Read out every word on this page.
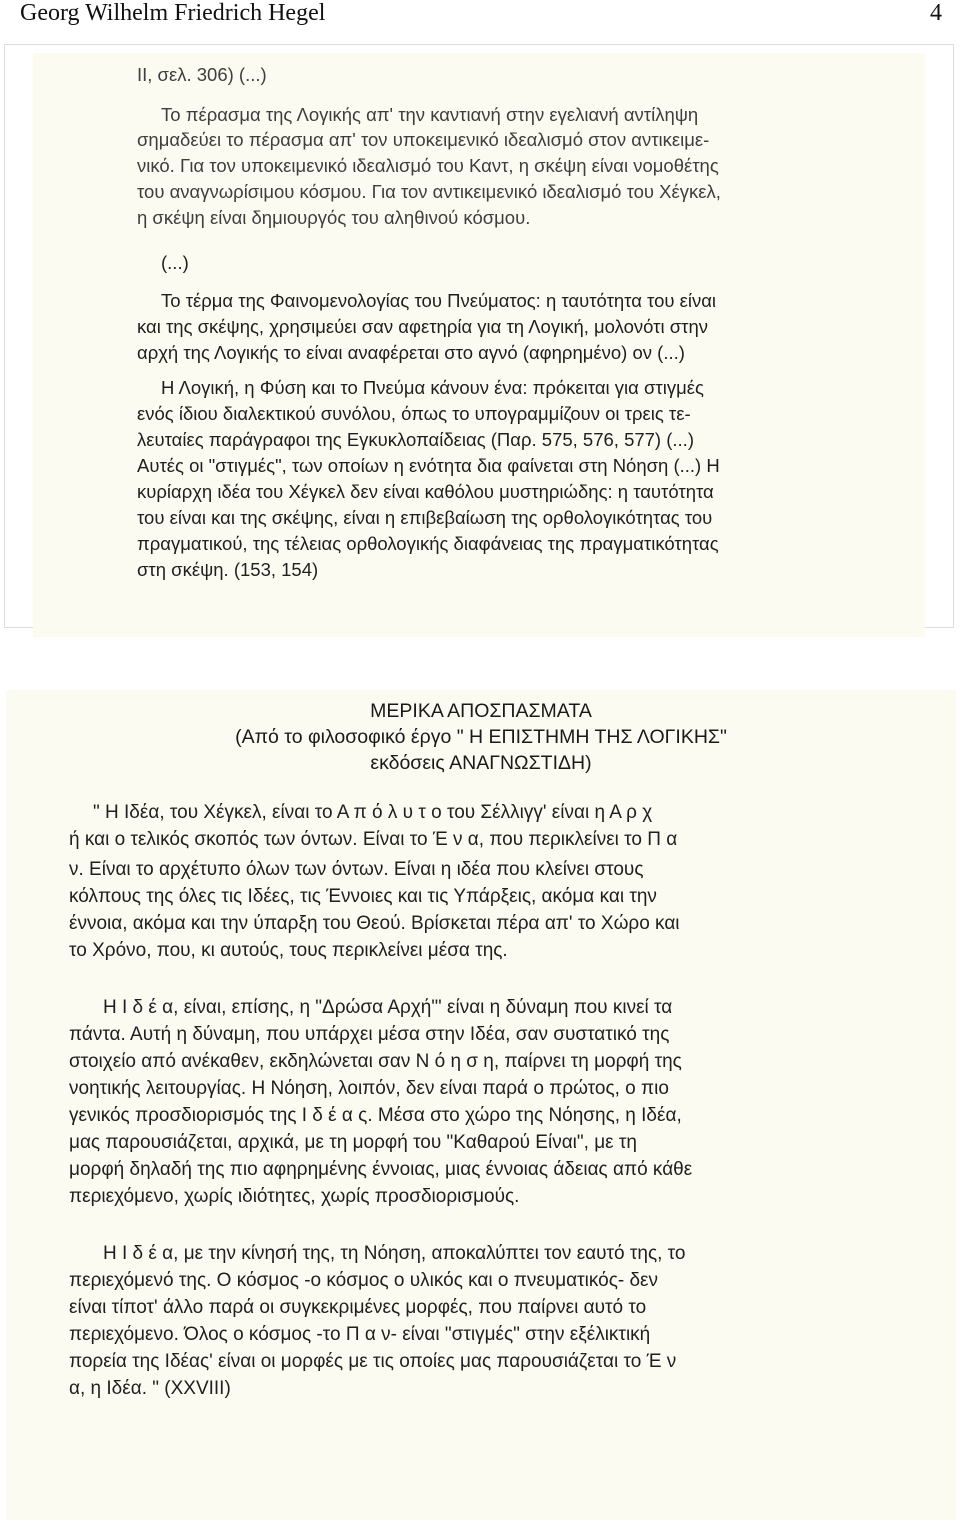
Georg Wilhelm Friedrich Hegel	4
ΙΙ, σελ. 306) (...)
Το πέρασμα της Λογικής απ' την καντιανή στην εγελιανή αντίληψη
σημαδεύει το πέρασμα απ' τον υποκειμενικό ιδεαλισμό στον αντικειμε-
νικό. Για τον υποκειμενικό ιδεαλισμό του Καντ, η σκέψη είναι νομοθέτης
του αναγνωρίσιμου κόσμου. Για τον αντικειμενικό ιδεαλισμό του Χέγκελ,
η σκέψη είναι δημιουργός του αληθινού κόσμου.
(...)
Το τέρμα της Φαινομενολογίας του Πνεύματος: η ταυτότητα του είναι
και της σκέψης, χρησιμεύει σαν αφετηρία για τη Λογική, μολονότι στην
αρχή της Λογικής το είναι αναφέρεται στο αγνό (αφηρημένο) ον (...)
Η Λογική, η Φύση και το Πνεύμα κάνουν ένα: πρόκειται για στιγμές
ενός ίδιου διαλεκτικού συνόλου, όπως το υπογραμμίζουν οι τρεις τε-
λευταίες παράγραφοι της Εγκυκλοπαίδειας (Παρ. 575, 576, 577) (...)
Αυτές οι "στιγμές", των οποίων η ενότητα δια φαίνεται στη Νόηση (...) Η
κυρίαρχη ιδέα του Χέγκελ δεν είναι καθόλου μυστηριώδης: η ταυτότητα
του είναι και της σκέψης, είναι η επιβεβαίωση της ορθολογικότητας του
πραγματικού, της τέλειας ορθολογικής διαφάνειας της πραγματικότητας
στη σκέψη. (153, 154)
ΜΕΡΙΚΑ ΑΠΟΣΠΑΣΜΑΤΑ
(Από το φιλοσοφικό έργο " Η ΕΠΙΣΤΗΜΗ ΤΗΣ ΛΟΓΙΚΗΣ"
εκδόσεις ΑΝΑΓΝΩΣΤΙΔΗ)
" Η Ιδέα, του Χέγκελ, είναι το Α π ό λ υ τ ο του Σέλλιγγ' είναι η Α ρ χ
ή και ο τελικός σκοπός των όντων. Είναι το Έ ν α, που περικλείνει το Π α
ν. Είναι το αρχέτυπο όλων των όντων. Είναι η ιδέα που κλείνει στους
κόλπους της όλες τις Ιδέες, τις Έννοιες και τις Υπάρξεις, ακόμα και την
έννοια, ακόμα και την ύπαρξη του Θεού. Βρίσκεται πέρα απ' το Χώρο και
το Χρόνο, που, κι αυτούς, τους περικλείνει μέσα της.
Η Ι δ έ α, είναι, επίσης, η "Δρώσα Αρχή"' είναι η δύναμη που κινεί τα
πάντα. Αυτή η δύναμη, που υπάρχει μέσα στην Ιδέα, σαν συστατικό της
στοιχείο από ανέκαθεν, εκδηλώνεται σαν Ν ό η σ η, παίρνει τη μορφή της
νοητικής λειτουργίας. Η Νόηση, λοιπόν, δεν είναι παρά ο πρώτος, ο πιο
γενικός προσδιορισμός της Ι δ έ α ς. Μέσα στο χώρο της Νόησης, η Ιδέα,
μας παρουσιάζεται, αρχικά, με τη μορφή του "Καθαρού Είναι", με τη
μορφή δηλαδή της πιο αφηρημένης έννοιας, μιας έννοιας άδειας από κάθε
περιεχόμενο, χωρίς ιδιότητες, χωρίς προσδιορισμούς.
Η Ι δ έ α, με την κίνησή της, τη Νόηση, αποκαλύπτει τον εαυτό της, το
περιεχόμενό της. Ο κόσμος -ο κόσμος ο υλικός και ο πνευματικός- δεν
είναι τίποτ' άλλο παρά οι συγκεκριμένες μορφές, που παίρνει αυτό το
περιεχόμενο. Όλος ο κόσμος -το Π α ν- είναι "στιγμές" στην εξέλικτική
πορεία της Ιδέας' είναι οι μορφές με τις οποίες μας παρουσιάζεται το Έ ν
α, η Ιδέα. " (XXVIII)
